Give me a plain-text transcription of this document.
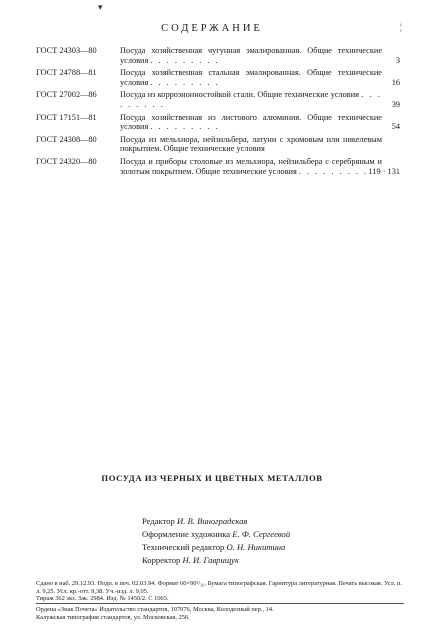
▾
¦
СОДЕРЖАНИЕ
ГОСТ 24303—80	Посуда хозяйственная чугунная эмалированная. Общие технические условия . . . . . . . . .	3
ГОСТ 24788—81	Посуда хозяйственная стальная эмалированная. Общие технические условия . . . . . . . . .	16
ГОСТ 27002—86	Посуда из коррозионностойкой стали. Общие технические условия . . . . . . . . .	39
ГОСТ 17151—81	Посуда хозяйственная из листового алюминия. Общие технические условия . . . . . . . . .	54
ГОСТ 24308—80	Посуда из мельхиора, нейзильбера, латуни с хромовым или никелевым покрытием. Общие технические условия
ГОСТ 24320—80	Посуда и приборы столовые из мельхиора, нейзильбера с серебряным и золотым покрытием. Общие технические условия . . . . . . . . . 119 · 131
ПОСУДА ИЗ ЧЕРНЫХ И ЦВЕТНЫХ МЕТАЛЛОВ
Редактор И. В. Виноградская
Оформление художника Е. Ф. Сергеевой
Технический редактор О. Н. Никитина
Корректор Н. И. Гаврищук
Сдано в наб. 29.12.93. Подп. в печ. 02.03.94. Формат 60×90¹/₁₆. Бумага типографская. Гарнитура литературная. Печать высокая. Усл. п. л. 9,25. Усл. кр.-отт. 9,38. Уч.-изд. л. 9,05.
Тираж 362 экз. Зак. 2984. Изд. № 1450/2. С 1003.
Ордена «Знак Почета» Издательство стандартов, 107076, Москва, Колодезный пер., 14.
Калужская типография стандартов, ул. Московская, 256.
